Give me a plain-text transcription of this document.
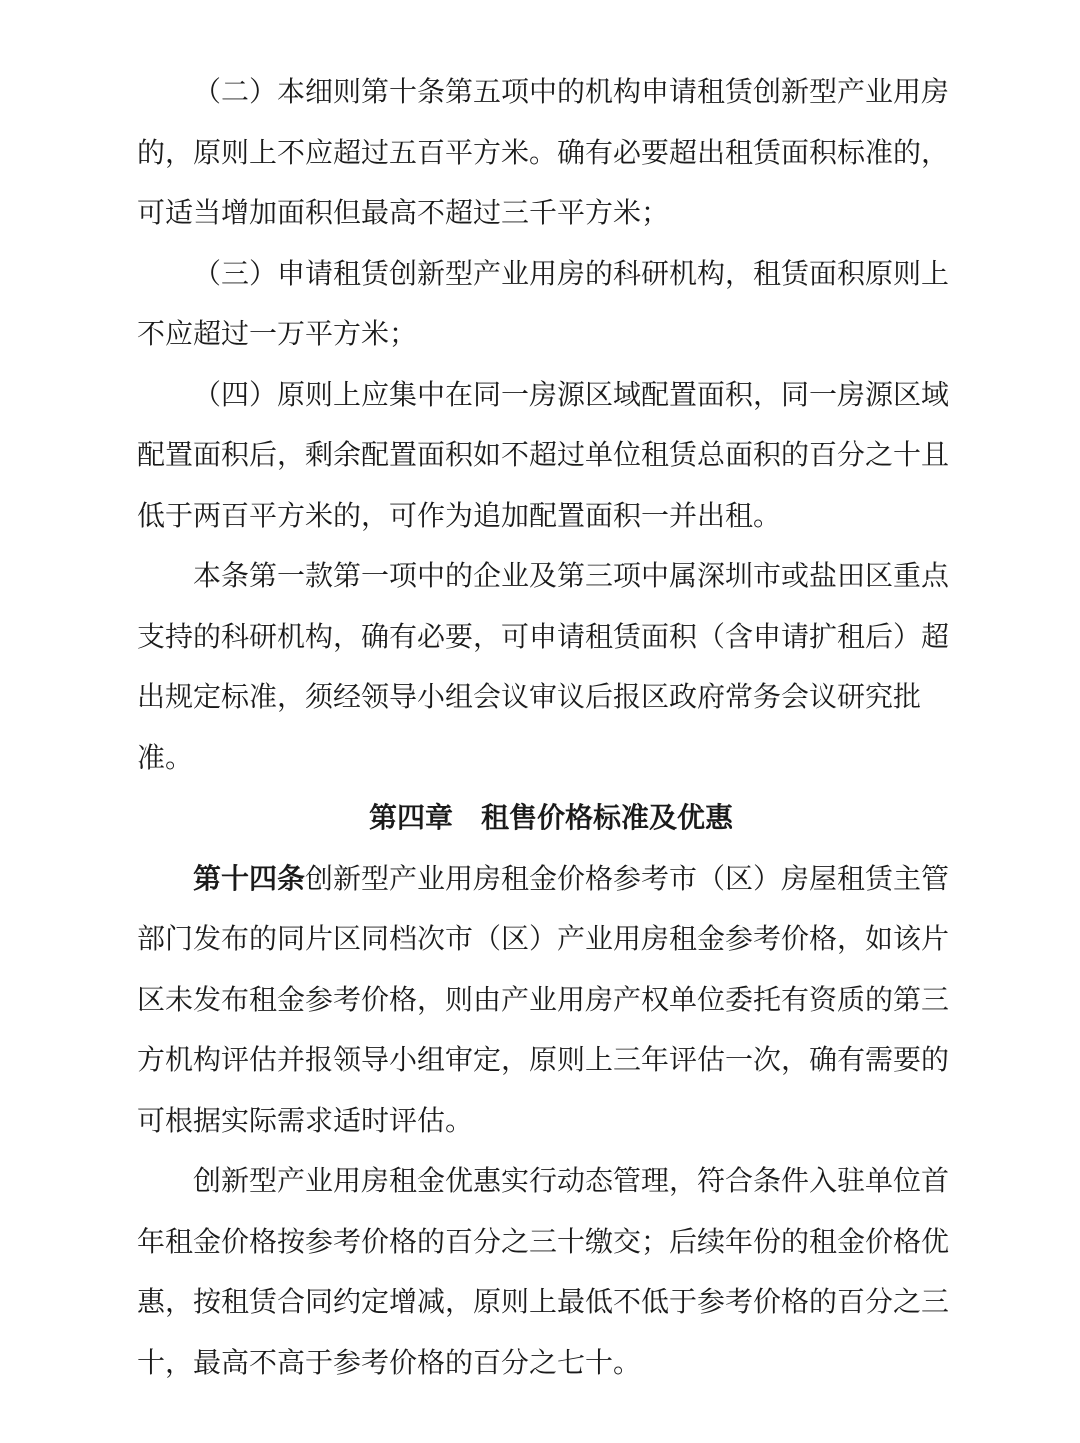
（二）本细则第十条第五项中的机构申请租赁创新型产业用房
的，原则上不应超过五百平方米。确有必要超出租赁面积标准的，
可适当增加面积但最高不超过三千平方米；

（三）申请租赁创新型产业用房的科研机构，租赁面积原则上
不应超过一万平方米；

（四）原则上应集中在同一房源区域配置面积，同一房源区域
配置面积后，剩余配置面积如不超过单位租赁总面积的百分之十且
低于两百平方米的，可作为追加配置面积一并出租。

本条第一款第一项中的企业及第三项中属深圳市或盐田区重点
支持的科研机构，确有必要，可申请租赁面积（含申请扩租后）超
出规定标准，须经领导小组会议审议后报区政府常务会议研究批
准。

第四章　租售价格标准及优惠

第十四条创新型产业用房租金价格参考市（区）房屋租赁主管
部门发布的同片区同档次市（区）产业用房租金参考价格，如该片
区未发布租金参考价格，则由产业用房产权单位委托有资质的第三
方机构评估并报领导小组审定，原则上三年评估一次，确有需要的
可根据实际需求适时评估。

创新型产业用房租金优惠实行动态管理，符合条件入驻单位首
年租金价格按参考价格的百分之三十缴交；后续年份的租金价格优
惠，按租赁合同约定增减，原则上最低不低于参考价格的百分之三
十，最高不高于参考价格的百分之七十。
